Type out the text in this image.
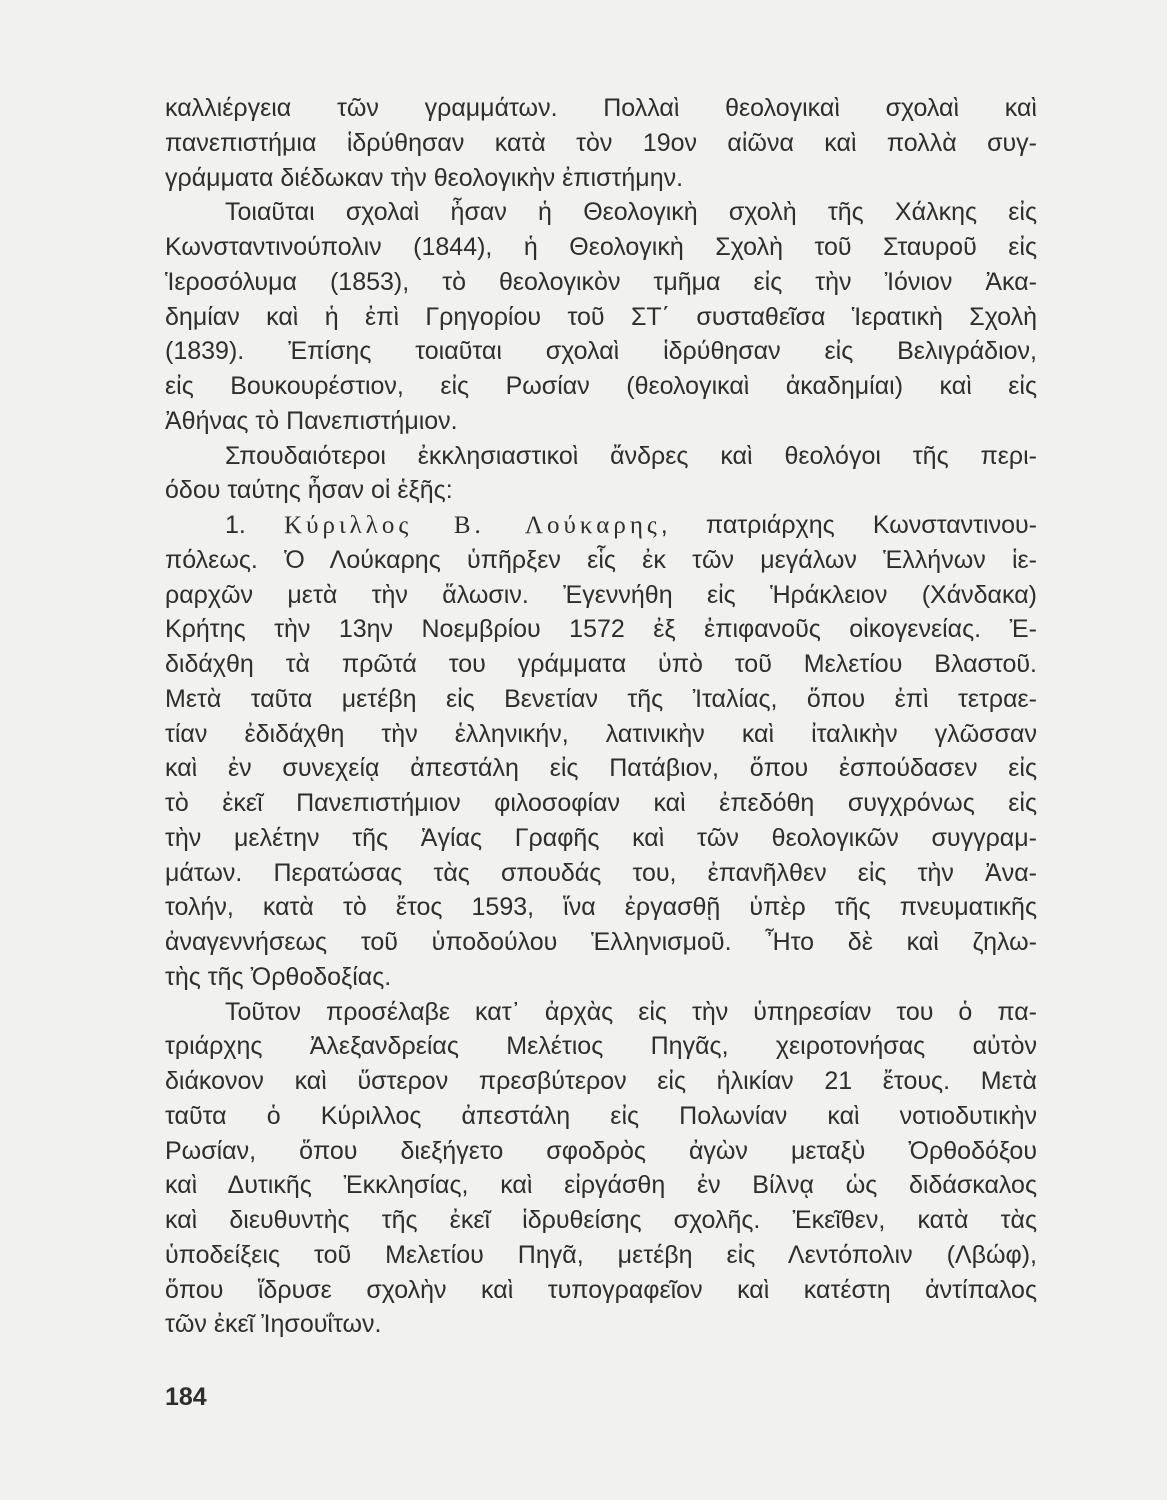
καλλιέργεια τῶν γραμμάτων. Πολλαὶ θεολογικαὶ σχολαὶ καὶ
πανεπιστήμια ἱδρύθησαν κατὰ τὸν 19ον αἰῶνα καὶ πολλὰ συγ-
γράμματα διέδωκαν τὴν θεολογικὴν ἐπιστήμην.
Τοιαῦται σχολαὶ ἦσαν ἡ Θεολογικὴ σχολὴ τῆς Χάλκης εἰς
Κωνσταντινούπολιν (1844), ἡ Θεολογικὴ Σχολὴ τοῦ Σταυροῦ εἰς
Ἱεροσόλυμα (1853), τὸ θεολογικὸν τμῆμα εἰς τὴν Ἰόνιον Ἀκα-
δημίαν καὶ ἡ ἐπὶ Γρηγορίου τοῦ ΣΤ΄ συσταθεῖσα Ἱερατικὴ Σχολὴ
(1839). Ἐπίσης τοιαῦται σχολαὶ ἱδρύθησαν εἰς Βελιγράδιον,
εἰς Βουκουρέστιον, εἰς Ρωσίαν (θεολογικαὶ ἀκαδημίαι) καὶ εἰς
Ἀθήνας τὸ Πανεπιστήμιον.
Σπουδαιότεροι ἐκκλησιαστικοὶ ἄνδρες καὶ θεολόγοι τῆς περι-
όδου ταύτης ἦσαν οἱ ἑξῆς:
1. Κύριλλος Β. Λούκαρης, πατριάρχης Κωνσταντινου-
πόλεως. Ὁ Λούκαρης ὑπῆρξεν εἷς ἐκ τῶν μεγάλων Ἑλλήνων ἱε-
ραρχῶν μετὰ τὴν ἅλωσιν. Ἐγεννήθη εἰς Ἡράκλειον (Χάνδακα)
Κρήτης τὴν 13ην Νοεμβρίου 1572 ἐξ ἐπιφανοῦς οἰκογενείας. Ἐ-
διδάχθη τὰ πρῶτά του γράμματα ὑπὸ τοῦ Μελετίου Βλαστοῦ.
Μετὰ ταῦτα μετέβη εἰς Βενετίαν τῆς Ἰταλίας, ὅπου ἐπὶ τετραε-
τίαν ἐδιδάχθη τὴν ἑλληνικήν, λατινικὴν καὶ ἰταλικὴν γλῶσσαν
καὶ ἐν συνεχείᾳ ἀπεστάλη εἰς Πατάβιον, ὅπου ἐσπούδασεν εἰς
τὸ ἐκεῖ Πανεπιστήμιον φιλοσοφίαν καὶ ἐπεδόθη συγχρόνως εἰς
τὴν μελέτην τῆς Ἁγίας Γραφῆς καὶ τῶν θεολογικῶν συγγραμ-
μάτων. Περατώσας τὰς σπουδάς του, ἐπανῆλθεν εἰς τὴν Ἀνα-
τολήν, κατὰ τὸ ἔτος 1593, ἵνα ἐργασθῇ ὑπὲρ τῆς πνευματικῆς
ἀναγεννήσεως τοῦ ὑποδούλου Ἑλληνισμοῦ. Ἦτο δὲ καὶ ζηλω-
τὴς τῆς Ὀρθοδοξίας.
Τοῦτον προσέλαβε κατ᾽ ἀρχὰς εἰς τὴν ὑπηρεσίαν του ὁ πα-
τριάρχης Ἀλεξανδρείας Μελέτιος Πηγᾶς, χειροτονήσας αὐτὸν
διάκονον καὶ ὕστερον πρεσβύτερον εἰς ἡλικίαν 21 ἔτους. Μετὰ
ταῦτα ὁ Κύριλλος ἀπεστάλη εἰς Πολωνίαν καὶ νοτιοδυτικὴν
Ρωσίαν, ὅπου διεξήγετο σφοδρὸς ἀγὼν μεταξὺ Ὀρθοδόξου
καὶ Δυτικῆς Ἐκκλησίας, καὶ εἰργάσθη ἐν Βίλνᾳ ὡς διδάσκαλος
καὶ διευθυντὴς τῆς ἐκεῖ ἱδρυθείσης σχολῆς. Ἐκεῖθεν, κατὰ τὰς
ὑποδείξεις τοῦ Μελετίου Πηγᾶ, μετέβη εἰς Λεντόπολιν (Λβώφ),
ὅπου ἵδρυσε σχολὴν καὶ τυπογραφεῖον καὶ κατέστη ἀντίπαλος
τῶν ἐκεῖ Ἰησουΐτων.
184
